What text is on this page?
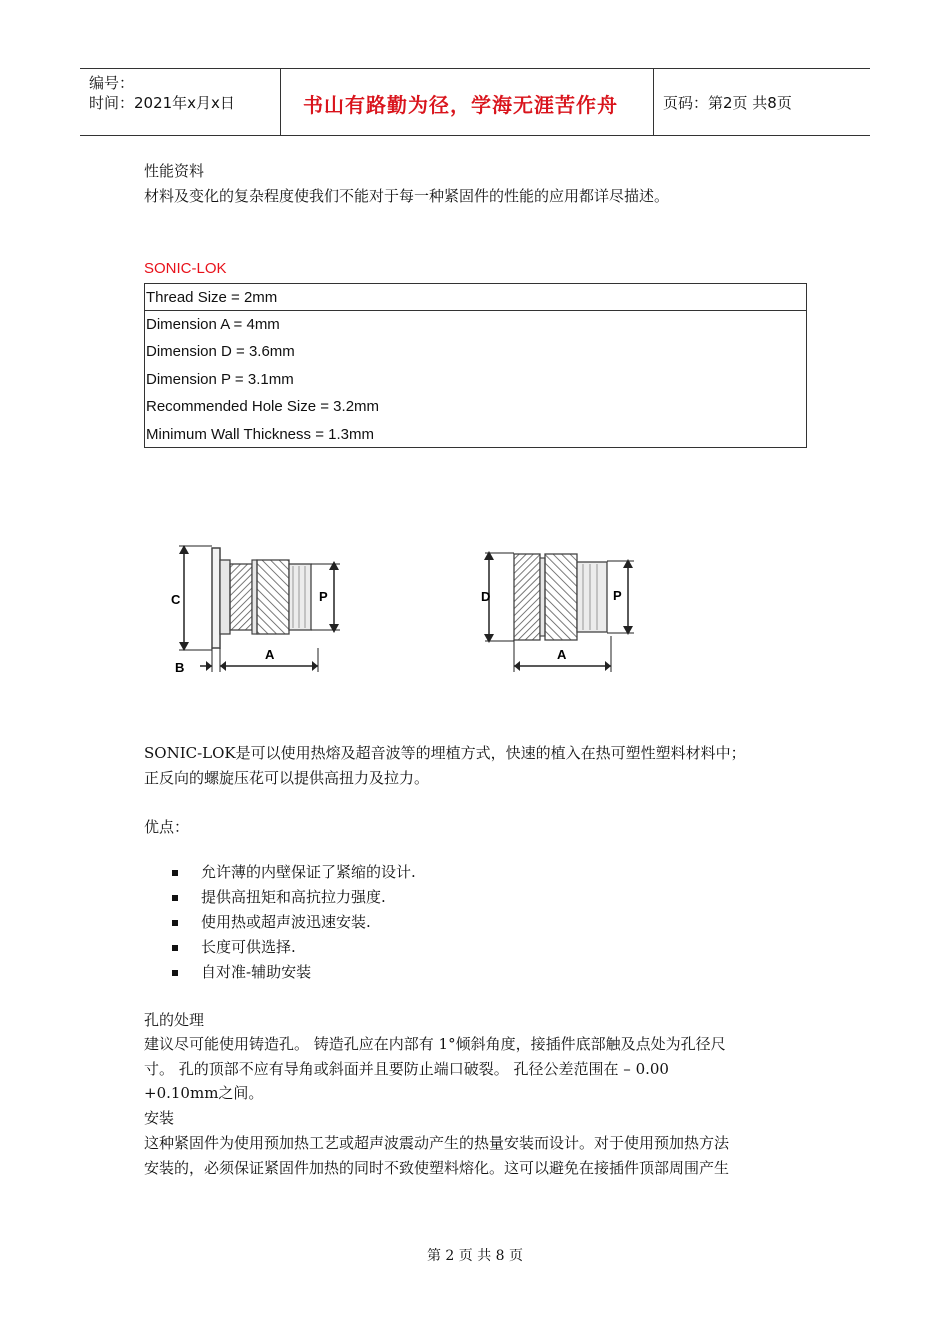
编号：
时间：2021年x月x日	书山有路勤为径，学海无涯苦作舟	页码：第2页 共8页
性能资料
材料及变化的复杂程度使我们不能对于每一种紧固件的性能的应用都详尽描述。
SONIC-LOK
Thread Size = 2mm
Dimension A = 4mm
Dimension D = 3.6mm
Dimension P = 3.1mm
Recommended Hole Size = 3.2mm
Minimum Wall Thickness = 1.3mm
C	P
B
A
D	P
A
SONIC-LOK是可以使用热熔及超音波等的埋植方式，快速的植入在热可塑性塑料材料中；
正反向的螺旋压花可以提供高扭力及拉力。
优点：
允许薄的内壁保证了紧缩的设计.
提供高扭矩和高抗拉力强度.
使用热或超声波迅速安装.
长度可供选择.
自对准-辅助安装
孔的处理
建议尽可能使用铸造孔。 铸造孔应在内部有 1°倾斜角度，接插件底部触及点处为孔径尺
寸。 孔的顶部不应有导角或斜面并且要防止端口破裂。 孔径公差范围在 – 0.00
+0.10mm之间。
安装
这种紧固件为使用预加热工艺或超声波震动产生的热量安装而设计。对于使用预加热方法
安装的，必须保证紧固件加热的同时不致使塑料熔化。这可以避免在接插件顶部周围产生
第 2 页 共 8 页
